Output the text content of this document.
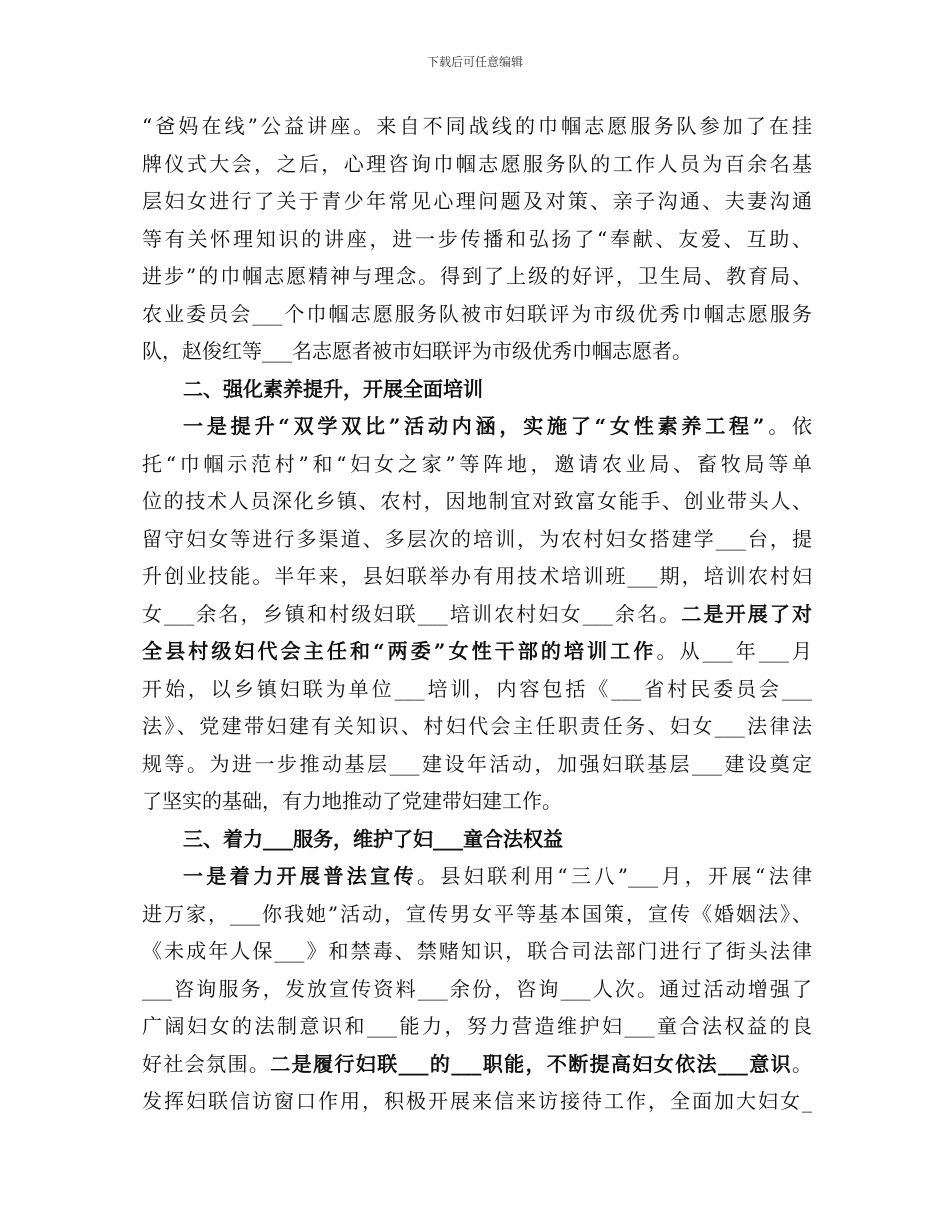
下载后可任意编辑
“爸妈在线”公益讲座。来自不同战线的巾帼志愿服务队参加了在挂
牌仪式大会，之后，心理咨询巾帼志愿服务队的工作人员为百余名基
层妇女进行了关于青少年常见心理问题及对策、亲子沟通、夫妻沟通
等有关怀理知识的讲座，进一步传播和弘扬了“奉献、友爱、互助、
进步”的巾帼志愿精神与理念。得到了上级的好评，卫生局、教育局、
农业委员会___个巾帼志愿服务队被市妇联评为市级优秀巾帼志愿服务
队，赵俊红等___名志愿者被市妇联评为市级优秀巾帼志愿者。
二、强化素养提升，开展全面培训
一是提升“双学双比”活动内涵，实施了“女性素养工程”。依
托“巾帼示范村”和“妇女之家”等阵地，邀请农业局、畜牧局等单
位的技术人员深化乡镇、农村，因地制宜对致富女能手、创业带头人、
留守妇女等进行多渠道、多层次的培训，为农村妇女搭建学___台，提
升创业技能。半年来，县妇联举办有用技术培训班___期，培训农村妇
女___余名，乡镇和村级妇联___培训农村妇女___余名。二是开展了对
全县村级妇代会主任和“两委”女性干部的培训工作。从___年___月
开始，以乡镇妇联为单位___培训，内容包括《___省村民委员会___
法》、党建带妇建有关知识、村妇代会主任职责任务、妇女___法律法
规等。为进一步推动基层___建设年活动，加强妇联基层___建设奠定
了坚实的基础，有力地推动了党建带妇建工作。
三、着力___服务，维护了妇___童合法权益
一是着力开展普法宣传。县妇联利用“三八”___月，开展“法律
进万家，___你我她”活动，宣传男女平等基本国策，宣传《婚姻法》、
《未成年人保___》和禁毒、禁赌知识，联合司法部门进行了街头法律
___咨询服务，发放宣传资料___余份，咨询___人次。通过活动增强了
广阔妇女的法制意识和___能力，努力营造维护妇___童合法权益的良
好社会氛围。二是履行妇联___的___职能，不断提高妇女依法___意识。
发挥妇联信访窗口作用，积极开展来信来访接待工作，全面加大妇女_
